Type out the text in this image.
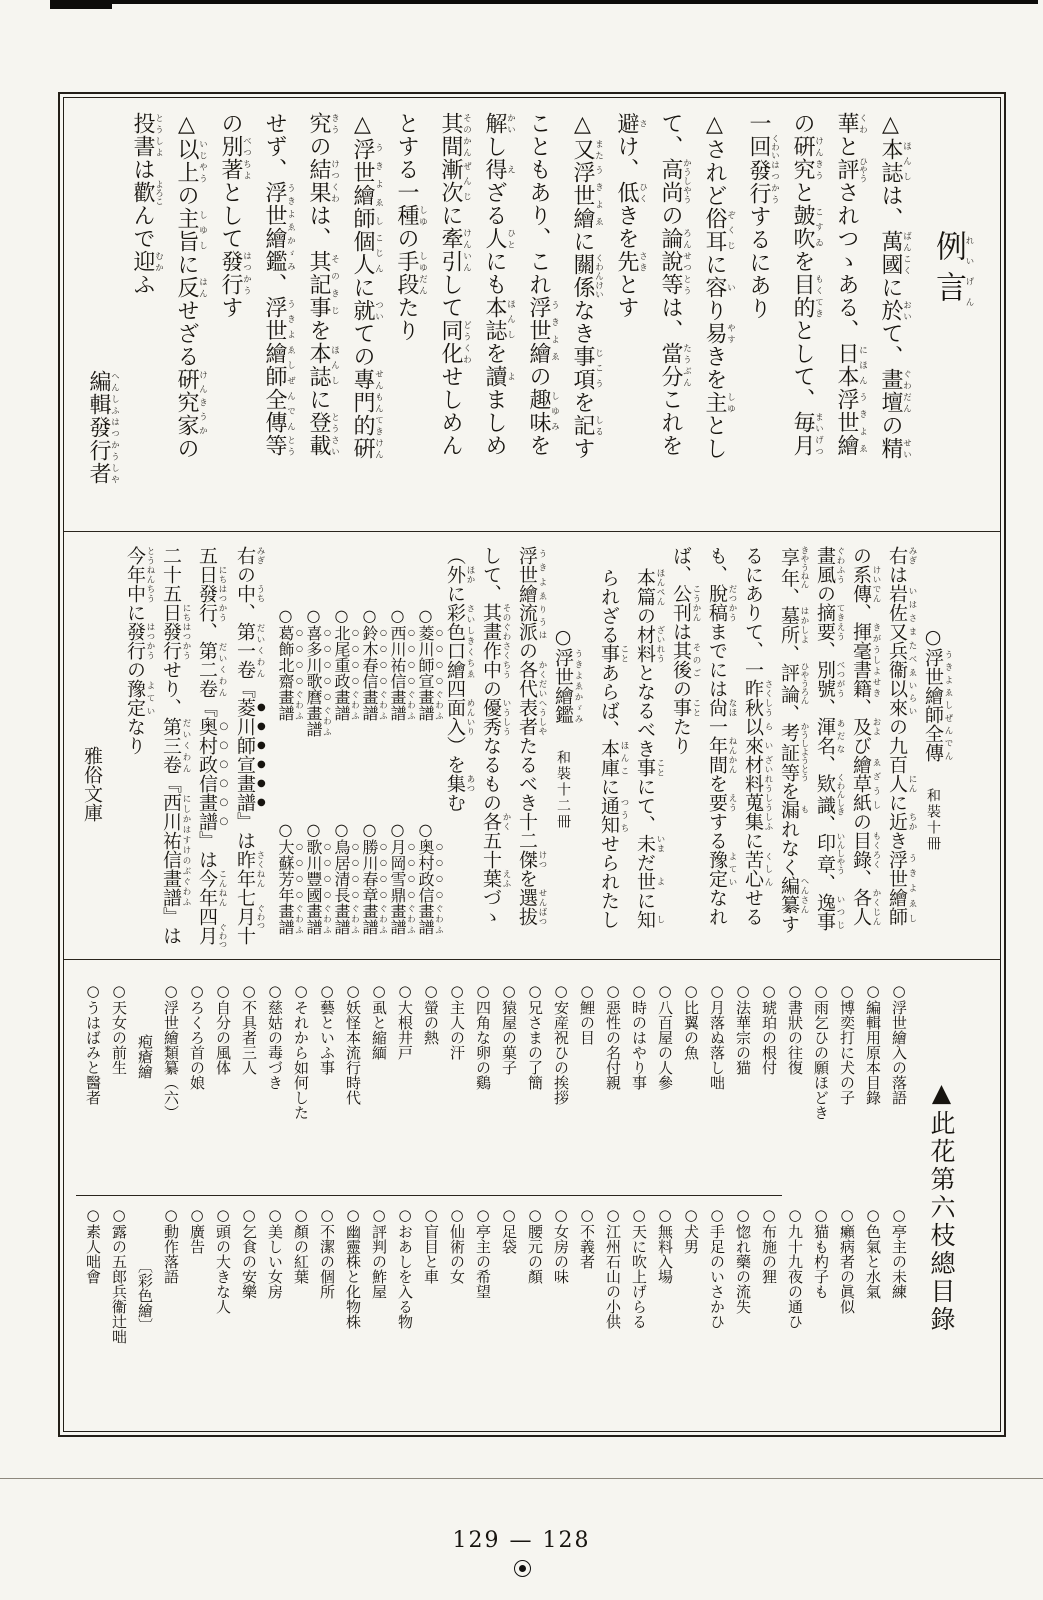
例言れいげん
△本誌ほんしは、萬國ばんこくに於おいて、畫壇ぐわだんの精せい
華くわと評ひやうされつゝある、日本にほん浮世繪うきよゑ
の硏究けんきうと皷吹こすゐを目的もくてきとして、毎月まいげつ
一回くわい發行はつかうするにあり
△されど俗耳ぞくじに容いり易やすきを主しゆとし
て、高尚かうしやうの論說ろんせつ等とうは、當分たうぶんこれを
避さけ、低ひくきを先さきとす
△又また浮世繪うきよゑに關係くわんけいなき事項じこうを記しるす
こともあり、これ浮世繪うきよゑの趣味しゆみを
解かいし得えざる人ひとにも本誌ほんしを讀よましめ
其間そのかん漸次ぜんじに牽引けんいんして同化どうくわせしめん
とする一種しゆの手段しゆだんたり
△浮世繪師うきよゑし個人こじんに就ついての專門的せんもんてき硏けん
究きうの結果けつくわは、其記事そのきじを本誌ほんしに登載とうさい
せず、浮世繪鑑うきよゑかゞみ、浮世繪師全傳うきよゑしぜんでん等とう
の別著べつちよとして發行はつかうす
△以上いじやうの主旨しゆしに反はんせざる硏究家けんきうかの
投書とうしよは歡よろこんで迎むかふ
編輯發行者へんしふはつかうしや
○浮世繪師全傳 うきよゑしぜんでん和裝十冊
右 みぎは岩佐又兵衞 いはさまたべゑ以來 いらいの九百人 にんに近 ちかき浮世繪師 うきよゑし
の系傳 けいでん、揮毫書籍 きがうしよせき、及 および繪草紙 ゑざうしの目錄 もくろく、各人 かくじん
畫風 ぐわふうの摘要 てきえう、別號 べつがう、渾名 あだな、欵識 くわんしき、印章 いんしやう、逸事 いつじ
享年 きやうねん、墓所 はかしよ、評論 ひやうろん、考証等 かうしようとうを漏 もれなく編纂 へんさんす
るにありて、一昨秋 さくしう以來 らい材料 ざいれう蒐集 しうしふに苦心 くしんせる
も、脫稿 だつかうまでには尙 なほ一年間 ねんかんを要 えうする豫定 よていなれ
ば、公刊 こうかんは其後 そのごの事 ことたり
本篇 ほんぺんの材料 ざいれうとなるべき事 ことにて、未 いまだ世 よに知 し
られざる事 ことあらば、本庫 ほんこに通知 つうちせられたし
○浮世繪鑑 うきよゑかゞみ和裝十二冊
浮世繪 うきよゑ流派 りうはの各代表者 かくだいへうしやたるべき十二傑 けつを選拔 せんばつ
して、其畫作中 そのぐわさくちうの優秀 いうしうなるもの各 かく五十葉 えふづゝ
（外 ほかに彩色口繪 さいしきくちゑ四面入 めんいり）を集 あつむ
○菱川師宣畫譜ぐわふ
○奥村政信畫譜ぐわふ
○西川祐信畫譜ぐわふ
○月岡雪鼎畫譜ぐわふ
○鈴木春信畫譜ぐわふ
○勝川春章畫譜ぐわふ
○北尾重政畫譜ぐわふ
○鳥居清長畫譜ぐわふ
○喜多川歌麿畫譜ぐわふ
○歌川豐國畫譜ぐわふ
○葛飾北齋畫譜ぐわふ
○大蘇芳年畫譜ぐわふ
右 みぎの中 うち、第一卷 だいくわん『菱川師宣畫譜』は昨年 さくねん七月 ぐわつ十
五日 にち發行 はつかう、第二卷 だいくわん『奥村政信畫譜』は今年 こんねん四月 ぐわつ
二十五日 にち發行 はつかうせり、第三卷 だいくわん『西川祐信畫譜 にしかはすけのぶぐわふ』は
今年中 とうねんちうに發行 はつかうの豫定 よていなり
雅俗文庫
▲此花第六枝總目錄
○浮世繪入の落語
○亭主の未練
○編輯用原本目錄
○色氣と水氣
○博奕打に犬の子
○癩病者の眞似
○雨乞ひの願ほどき
○猫も杓子も
○書狀の往復
○九十九夜の通ひ
○琥珀の根付
○布施の狸
○法華宗の猫
○惚れ藥の流失
○月落ぬ落し咄
○手足のいさかひ
○比翼の魚
○犬男
○八百屋の人參
○無料入場
○時のはやり事
○天に吹上げらる
○惡性の名付親
○江州石山の小供
○鯉の目
○不義者
○安産祝ひの挨拶
○女房の味
○兄さまの了簡
○腰元の顏
○猿屋の菓子
○足袋
○四角な卵の鷄
○亭主の希望
○主人の汗
○仙術の女
○螢の熱
○盲目と車
○大根井戸
○おあしを入る物
○虱と縮緬
○評判の鮓屋
○妖怪本流行時代
○幽靈株と化物株
○藝といふ事
○不潔の個所
○それから如何した
○顏の紅葉
○慈姑の毒づき
○美しい女房
○不具者三人
○乞食の安樂
○自分の風体
○頭の大きな人
○ろくろ首の娘
○廣告
○浮世繪類纂（六）
○動作落語
疱瘡繪
〔彩色繪〕
○天女の前生
○露の五郎兵衞辻咄
○うはばみと醫者
○素人咄會
129 — 128
